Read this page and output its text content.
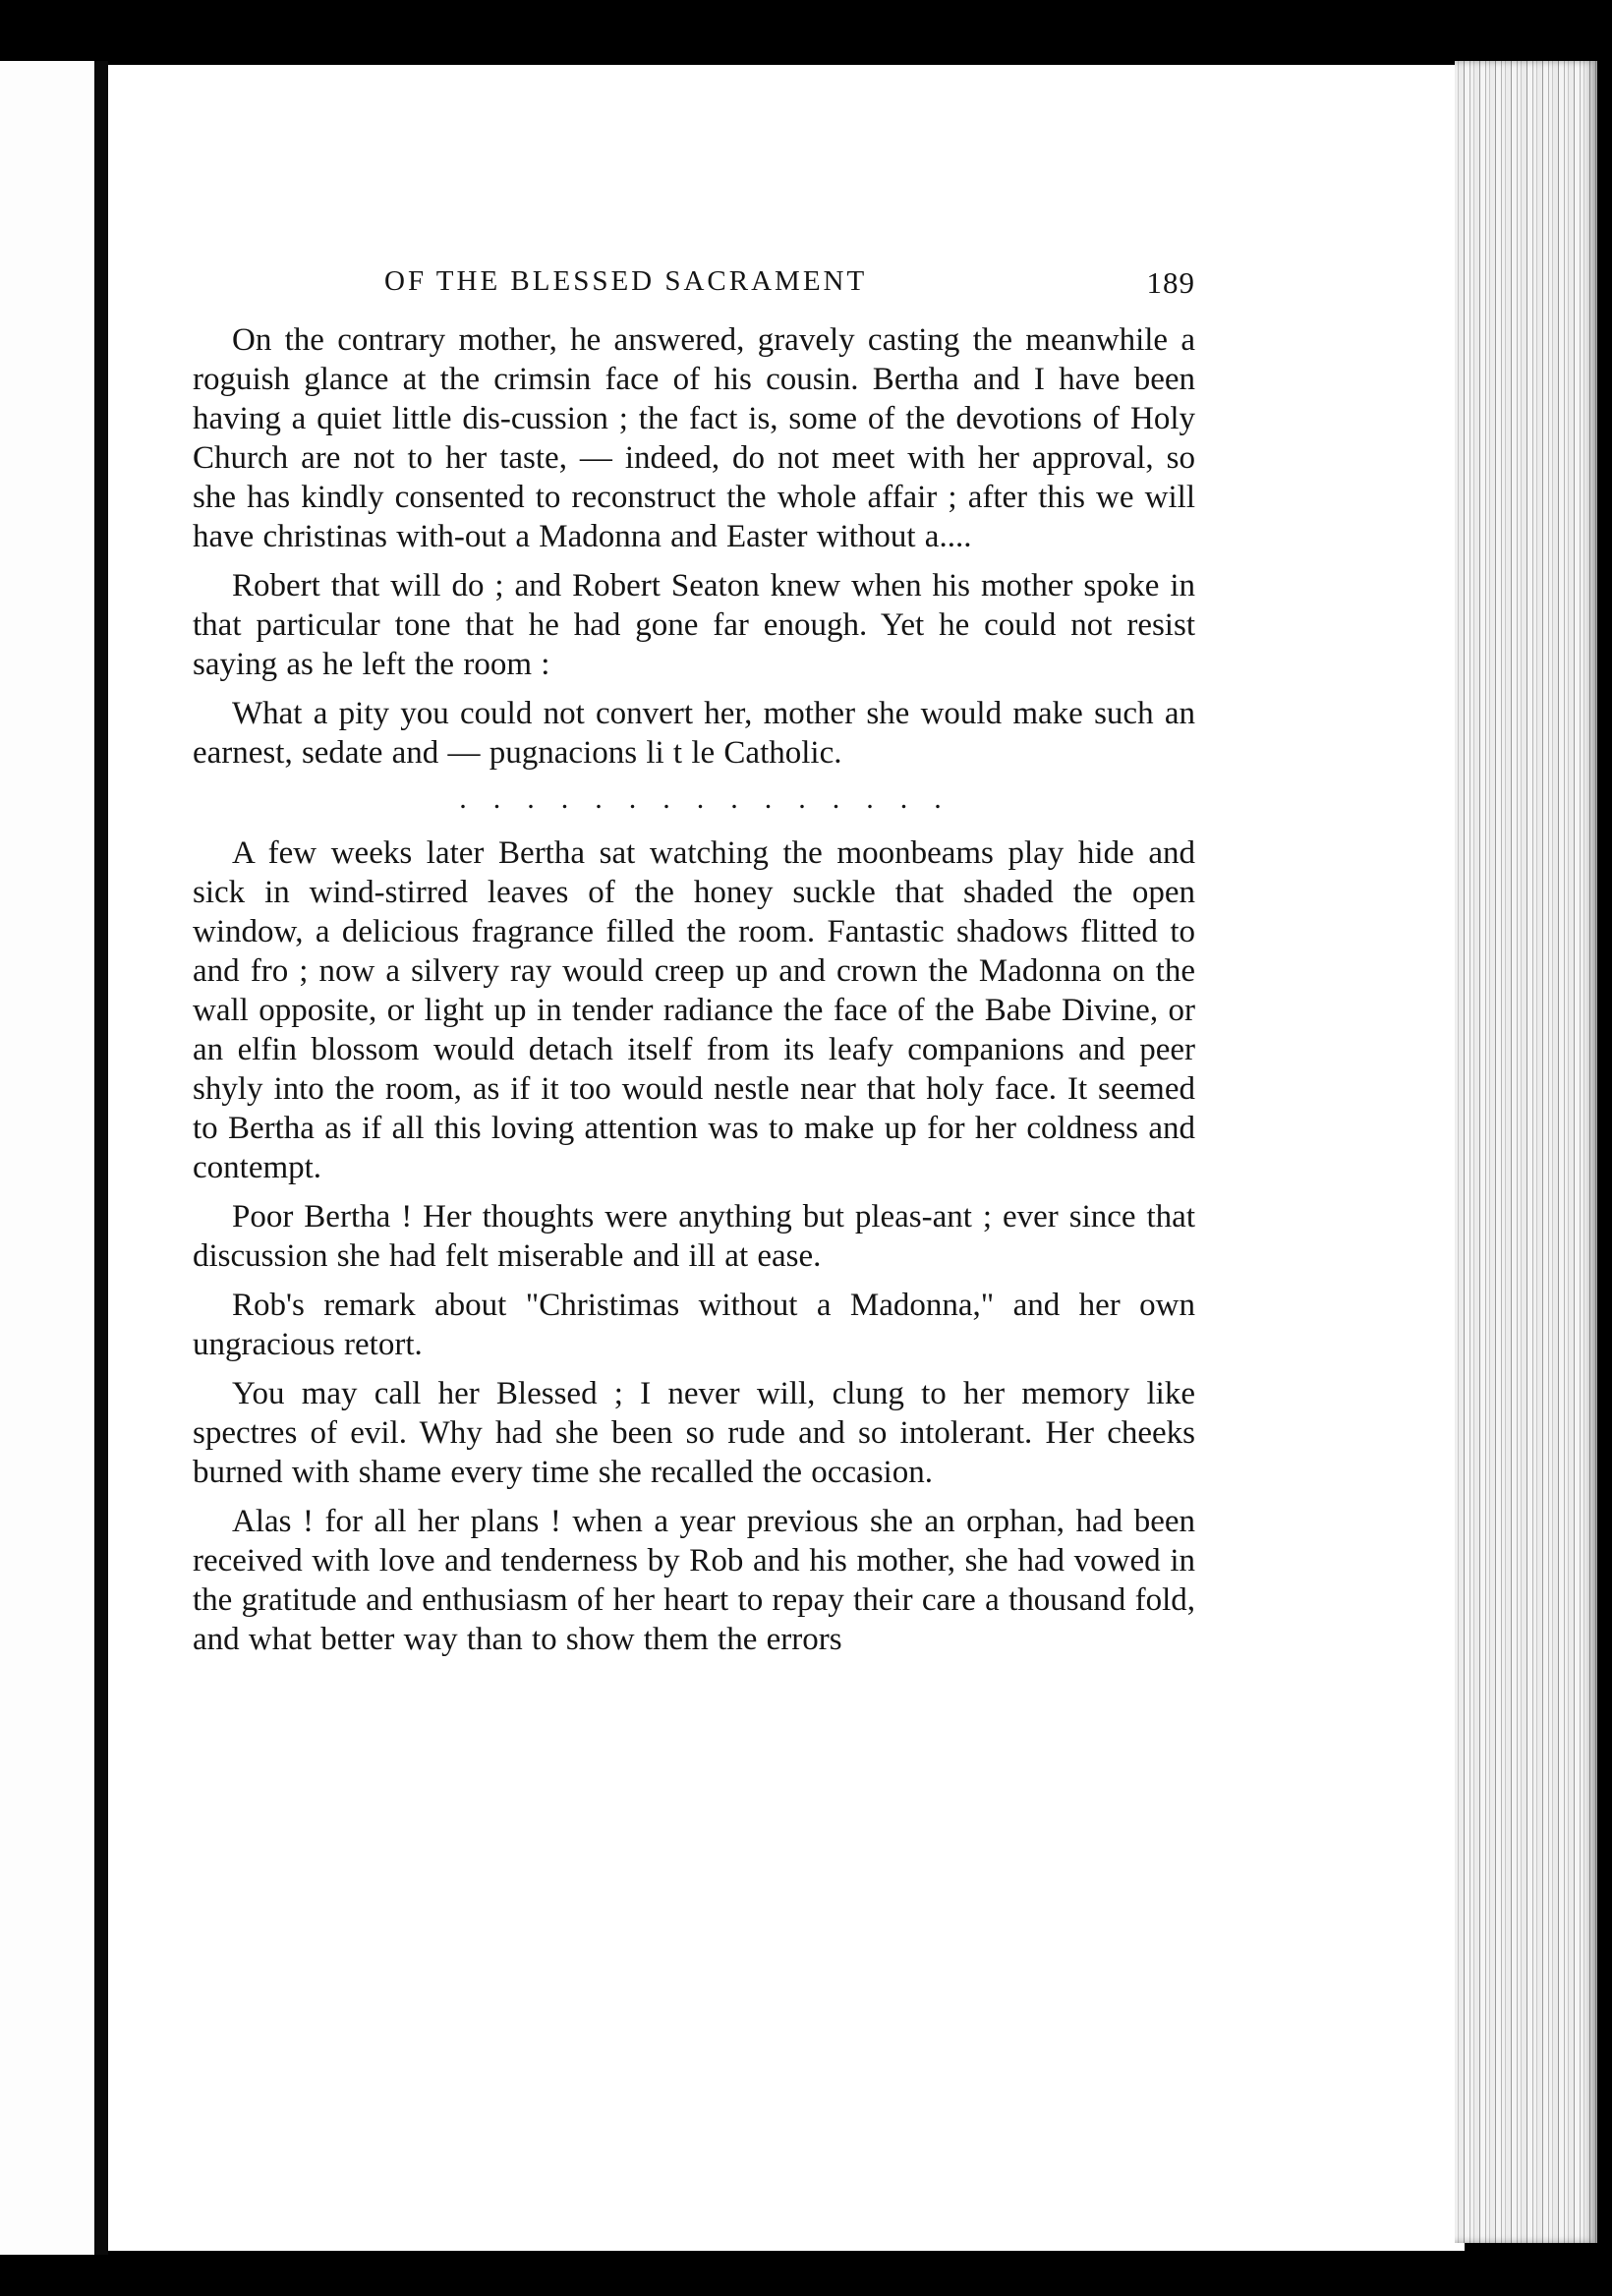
OF THE BLESSED SACRAMENT	189

On the contrary mother, he answered, gravely casting the meanwhile a roguish glance at the crimsin face of his cousin. Bertha and I have been having a quiet little dis-cussion ; the fact is, some of the devotions of Holy Church are not to her taste, — indeed, do not meet with her approval, so she has kindly consented to reconstruct the whole affair ; after this we will have christinas with-out a Madonna and Easter without a....

Robert that will do ; and Robert Seaton knew when his mother spoke in that particular tone that he had gone far enough. Yet he could not resist saying as he left the room :

What a pity you could not convert her, mother she would make such an earnest, sedate and — pugnacions li t le Catholic.

...............

A few weeks later Bertha sat watching the moonbeams play hide and sick in wind-stirred leaves of the honey suckle that shaded the open window, a delicious fragrance filled the room. Fantastic shadows flitted to and fro ; now a silvery ray would creep up and crown the Madonna on the wall opposite, or light up in tender radiance the face of the Babe Divine, or an elfin blossom would detach itself from its leafy companions and peer shyly into the room, as if it too would nestle near that holy face. It seemed to Bertha as if all this loving attention was to make up for her coldness and contempt.

Poor Bertha ! Her thoughts were anything but pleas-ant ; ever since that discussion she had felt miserable and ill at ease.

Rob's remark about "Christimas without a Madonna," and her own ungracious retort.

You may call her Blessed ; I never will, clung to her memory like spectres of evil. Why had she been so rude and so intolerant. Her cheeks burned with shame every time she recalled the occasion.

Alas ! for all her plans ! when a year previous she an orphan, had been received with love and tenderness by Rob and his mother, she had vowed in the gratitude and enthusiasm of her heart to repay their care a thousand fold, and what better way than to show them the errors
